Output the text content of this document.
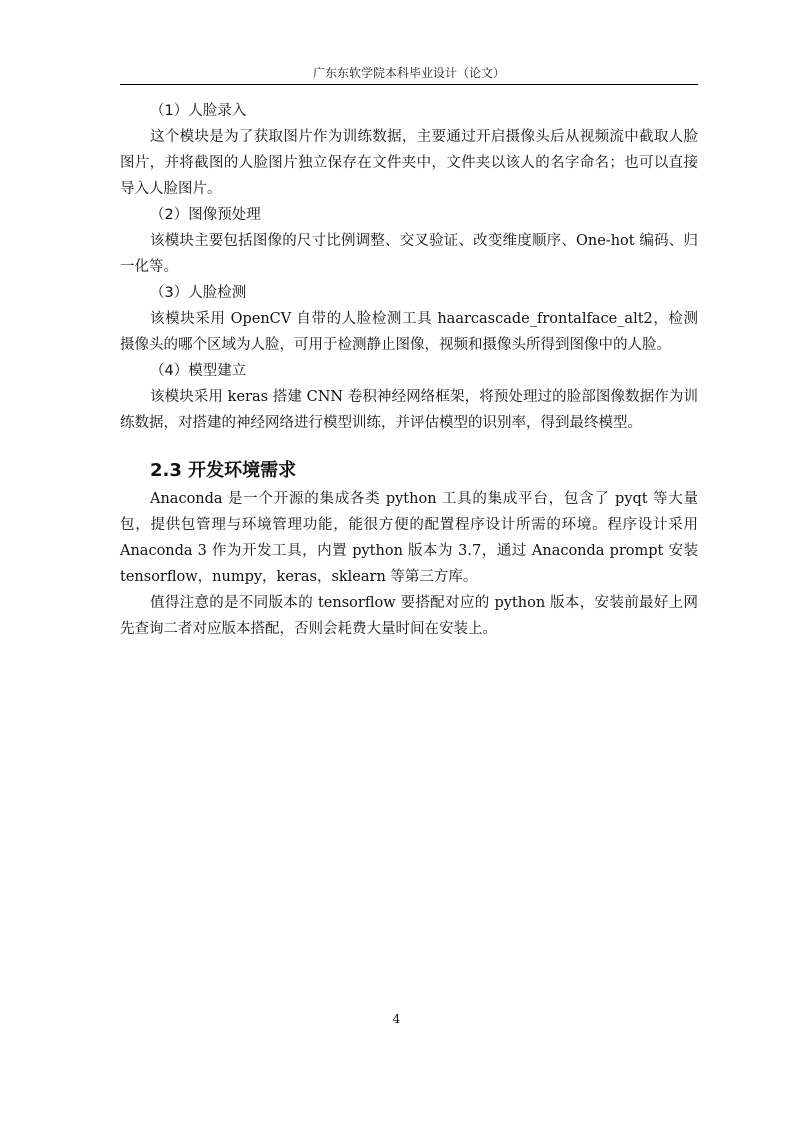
广东东软学院本科毕业设计（论文）

（1）人脸录入

这个模块是为了获取图片作为训练数据，主要通过开启摄像头后从视频流中截取人脸图片，并将截图的人脸图片独立保存在文件夹中，文件夹以该人的名字命名；也可以直接导入人脸图片。

（2）图像预处理

该模块主要包括图像的尺寸比例调整、交叉验证、改变维度顺序、One-hot 编码、归一化等。

（3）人脸检测

该模块采用 OpenCV 自带的人脸检测工具 haarcascade_frontalface_alt2，检测摄像头的哪个区域为人脸，可用于检测静止图像，视频和摄像头所得到图像中的人脸。

（4）模型建立

该模块采用 keras 搭建 CNN 卷积神经网络框架，将预处理过的脸部图像数据作为训练数据，对搭建的神经网络进行模型训练，并评估模型的识别率，得到最终模型。

2.3 开发环境需求

Anaconda 是一个开源的集成各类 python 工具的集成平台，包含了 pyqt 等大量包，提供包管理与环境管理功能，能很方便的配置程序设计所需的环境。程序设计采用 Anaconda 3 作为开发工具，内置 python 版本为 3.7，通过 Anaconda prompt 安装 tensorflow，numpy，keras，sklearn 等第三方库。

值得注意的是不同版本的 tensorflow 要搭配对应的 python 版本，安装前最好上网先查询二者对应版本搭配，否则会耗费大量时间在安装上。

4
